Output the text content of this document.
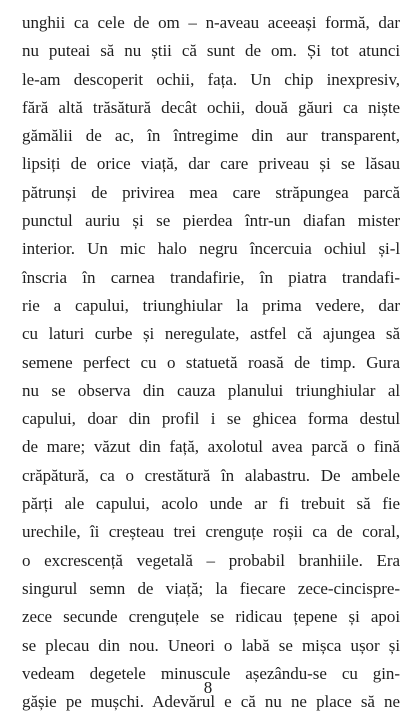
unghii ca cele de om – n-aveau aceeași formă, dar
nu puteai să nu știi că sunt de om. Și tot atunci
le-am descoperit ochii, fața. Un chip inexpresiv,
fără altă trăsătură decât ochii, două găuri ca niște
gămălii de ac, în întregime din aur transparent,
lipsiți de orice viață, dar care priveau și se lăsau
pătrunși de privirea mea care străpungea parcă
punctul auriu și se pierdea într-un diafan mister
interior. Un mic halo negru încercuia ochiul și-l
înscria în carnea trandafirie, în piatra trandafi-
rie a capului, triunghiular la prima vedere, dar
cu laturi curbe și neregulate, astfel că ajungea să
semene perfect cu o statuetă roasă de timp. Gura
nu se observa din cauza planului triunghiular al
capului, doar din profil i se ghicea forma destul
de mare; văzut din față, axolotul avea parcă o fină
crăpătură, ca o crestătură în alabastru. De ambele
părți ale capului, acolo unde ar fi trebuit să fie
urechile, îi creșteau trei crenguțe roșii ca de coral,
o excrescență vegetală – probabil branhiile. Era
singurul semn de viață; la fiecare zece-cincispre-
zece secunde crenguțele se ridicau țepene și apoi
se plecau din nou. Uneori o labă se mișca ușor și
vedeam degetele minuscule așezându-se cu gin-
gășie pe mușchi. Adevărul e că nu ne place să ne
8
